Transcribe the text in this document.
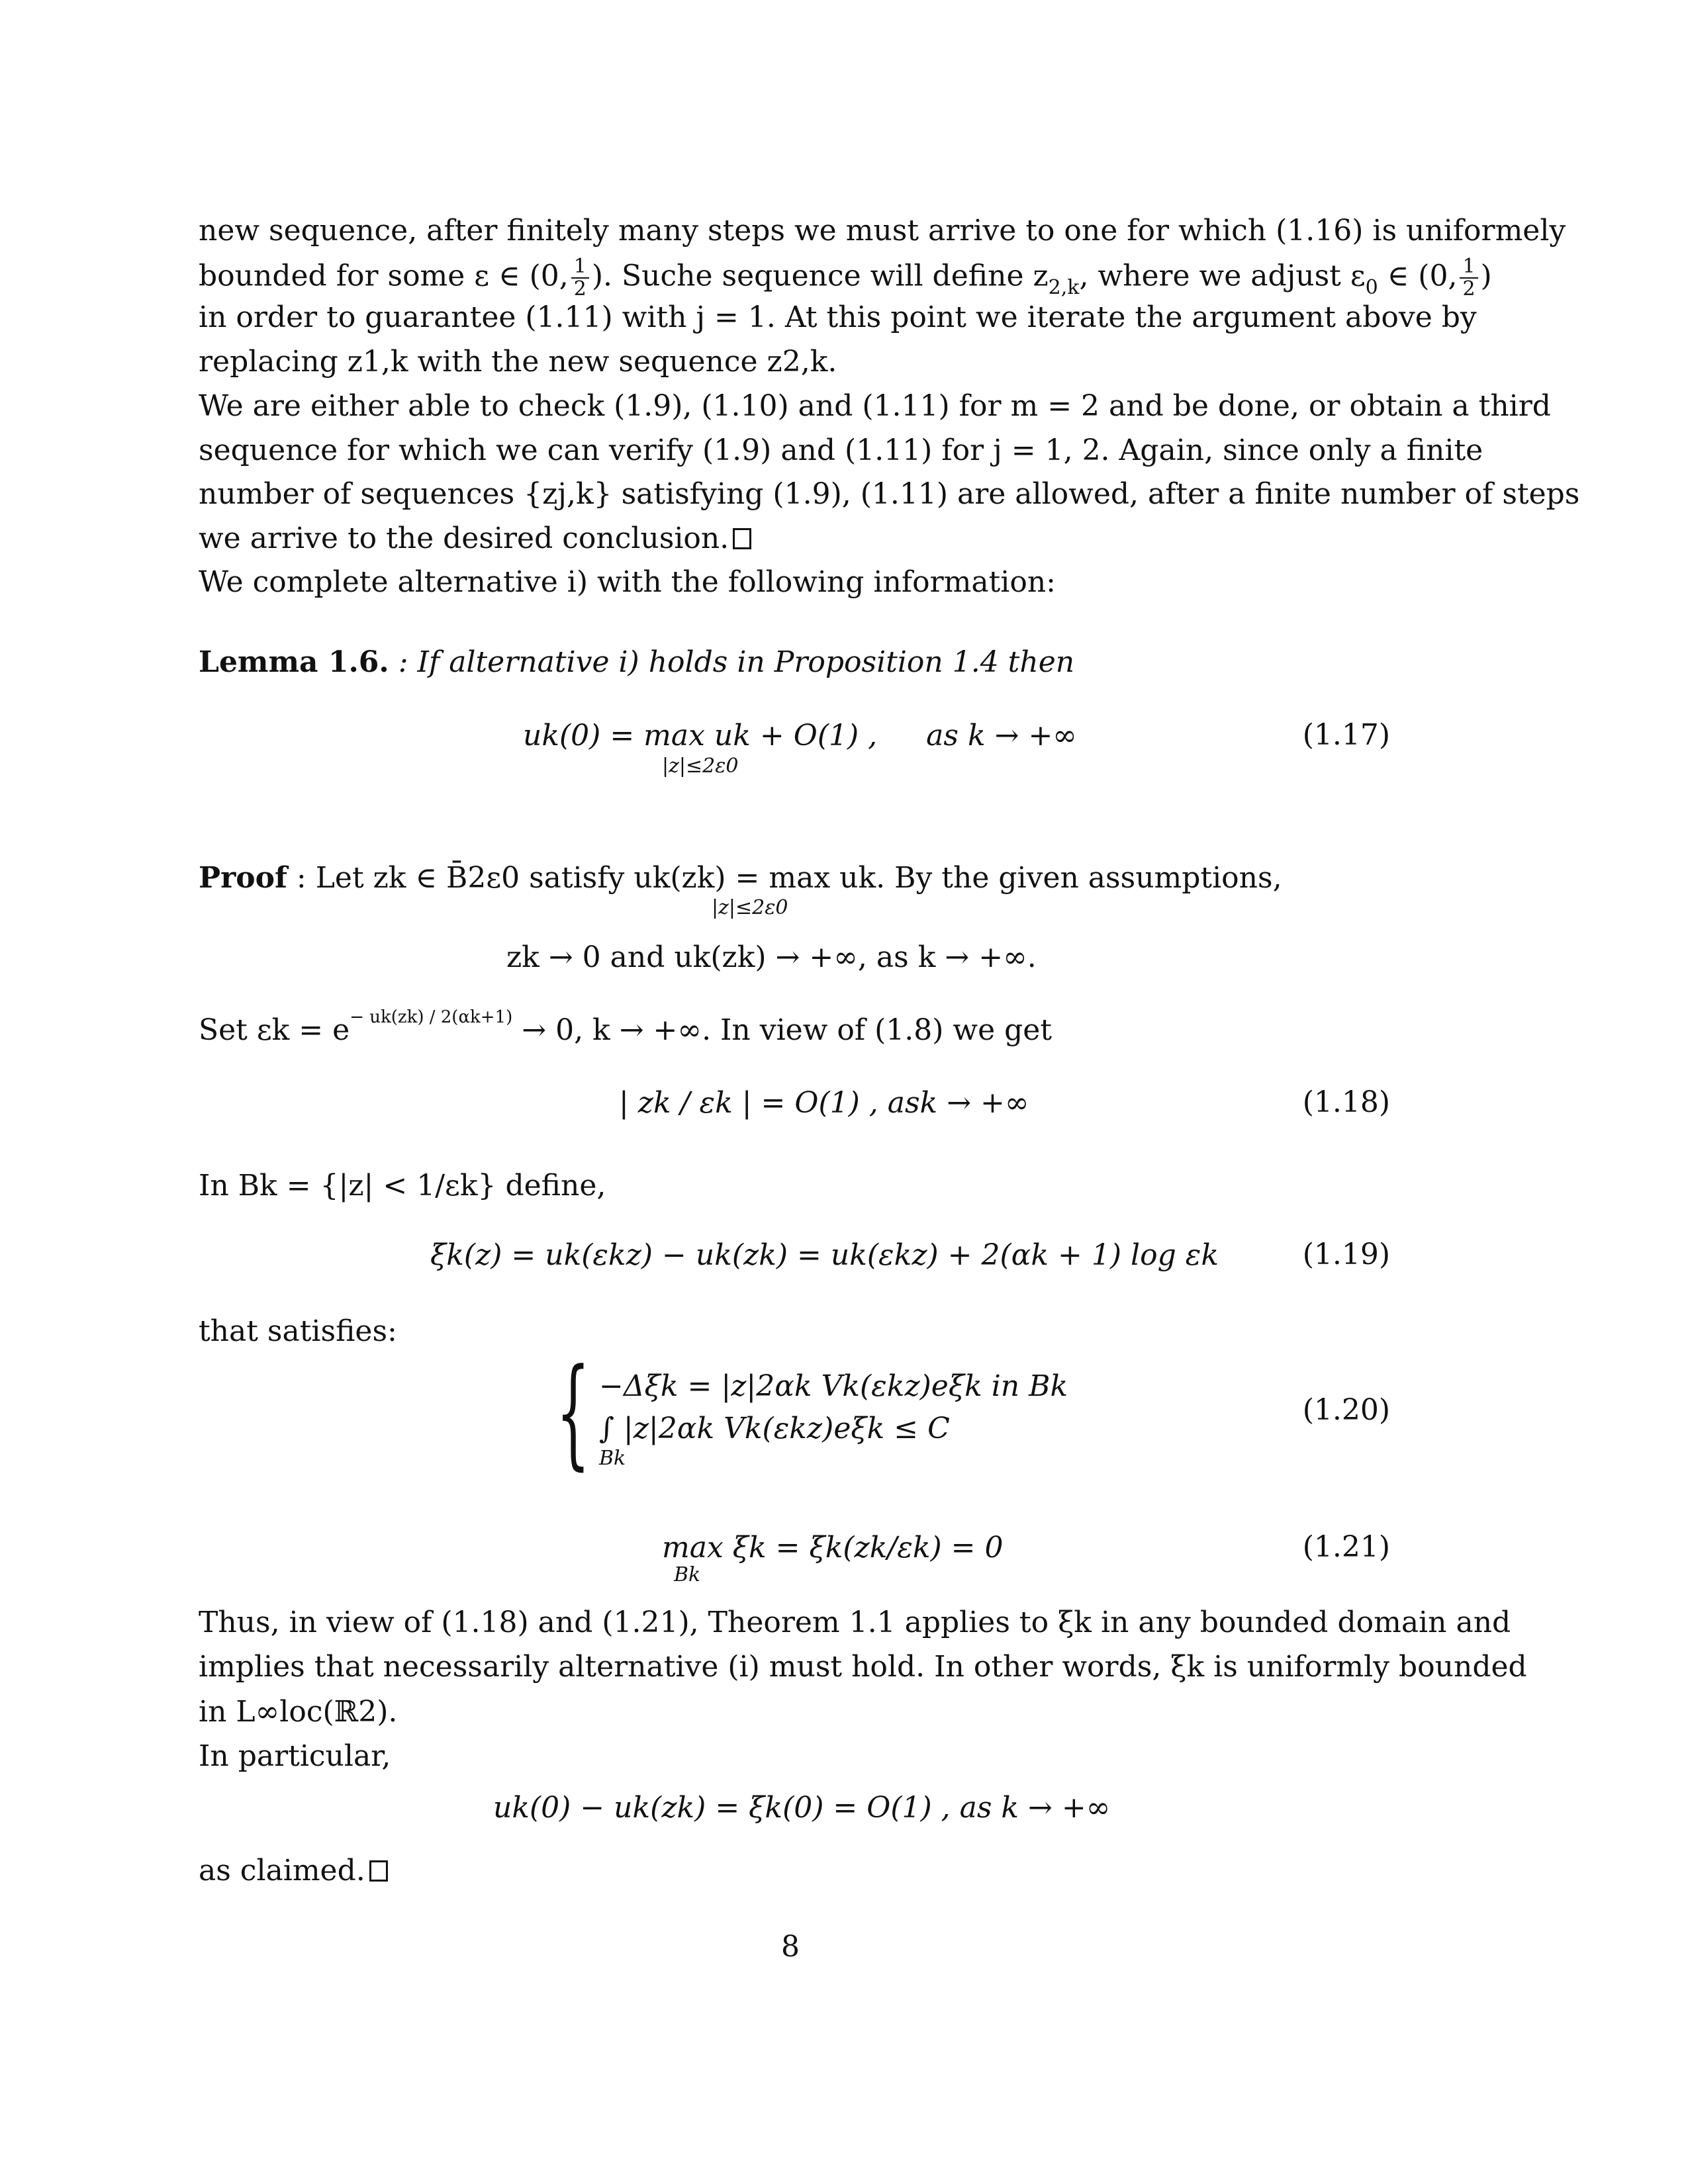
new sequence, after finitely many steps we must arrive to one for which (1.16) is uniformely
bounded for some ε ∈ (0, $\frac{1}{2}$ ). Suche sequence will define $z_{2,k}$, where we adjust $\varepsilon_0$ ∈ (0, $\frac{1}{2}$ )
in order to guarantee (1.11) with j = 1. At this point we iterate the argument above by
replacing z1,k with the new sequence z2,k.
We are either able to check (1.9), (1.10) and (1.11) for m = 2 and be done, or obtain a third
sequence for which we can verify (1.9) and (1.11) for j = 1, 2. Again, since only a finite
number of sequences {zj,k} satisfying (1.9), (1.11) are allowed, after a finite number of steps
we arrive to the desired conclusion.
We complete alternative i) with the following information:
Lemma 1.6. : If alternative i) holds in Proposition 1.4 then
uk(0) = max uk + O(1) , as k → +∞
|z|≤2ε0
(1.17)
Proof : Let zk ∈ B̄2ε0 satisfy uk(zk) = max uk. By the given assumptions,
|z|≤2ε0
zk → 0 and uk(zk) → +∞, as k → +∞.
Set $\varepsilon k = e^{- uk(zk) / 2(\alpha k+1)} \to 0$, k → +∞. In view of (1.8) we get
| zk / εk | = O(1) , ask → +∞	(1.18)
In Bk = {|z| < 1/εk} define,
ξk(z) = uk(εkz) − uk(zk) = uk(εkz) + 2(αk + 1) log εk	(1.19)
that satisfies:
{ −Δξk = |z|2αk Vk(εkz)eξk in Bk
∫ |z|2αk Vk(εkz)eξk ≤ C
Bk
(1.20)
max ξk = ξk(zk/εk) = 0
Bk
(1.21)
Thus, in view of (1.18) and (1.21), Theorem 1.1 applies to ξk in any bounded domain and
implies that necessarily alternative (i) must hold. In other words, ξk is uniformly bounded
in L∞loc(ℝ2).
In particular,
uk(0) − uk(zk) = ξk(0) = O(1) , as k → +∞
as claimed.
8
